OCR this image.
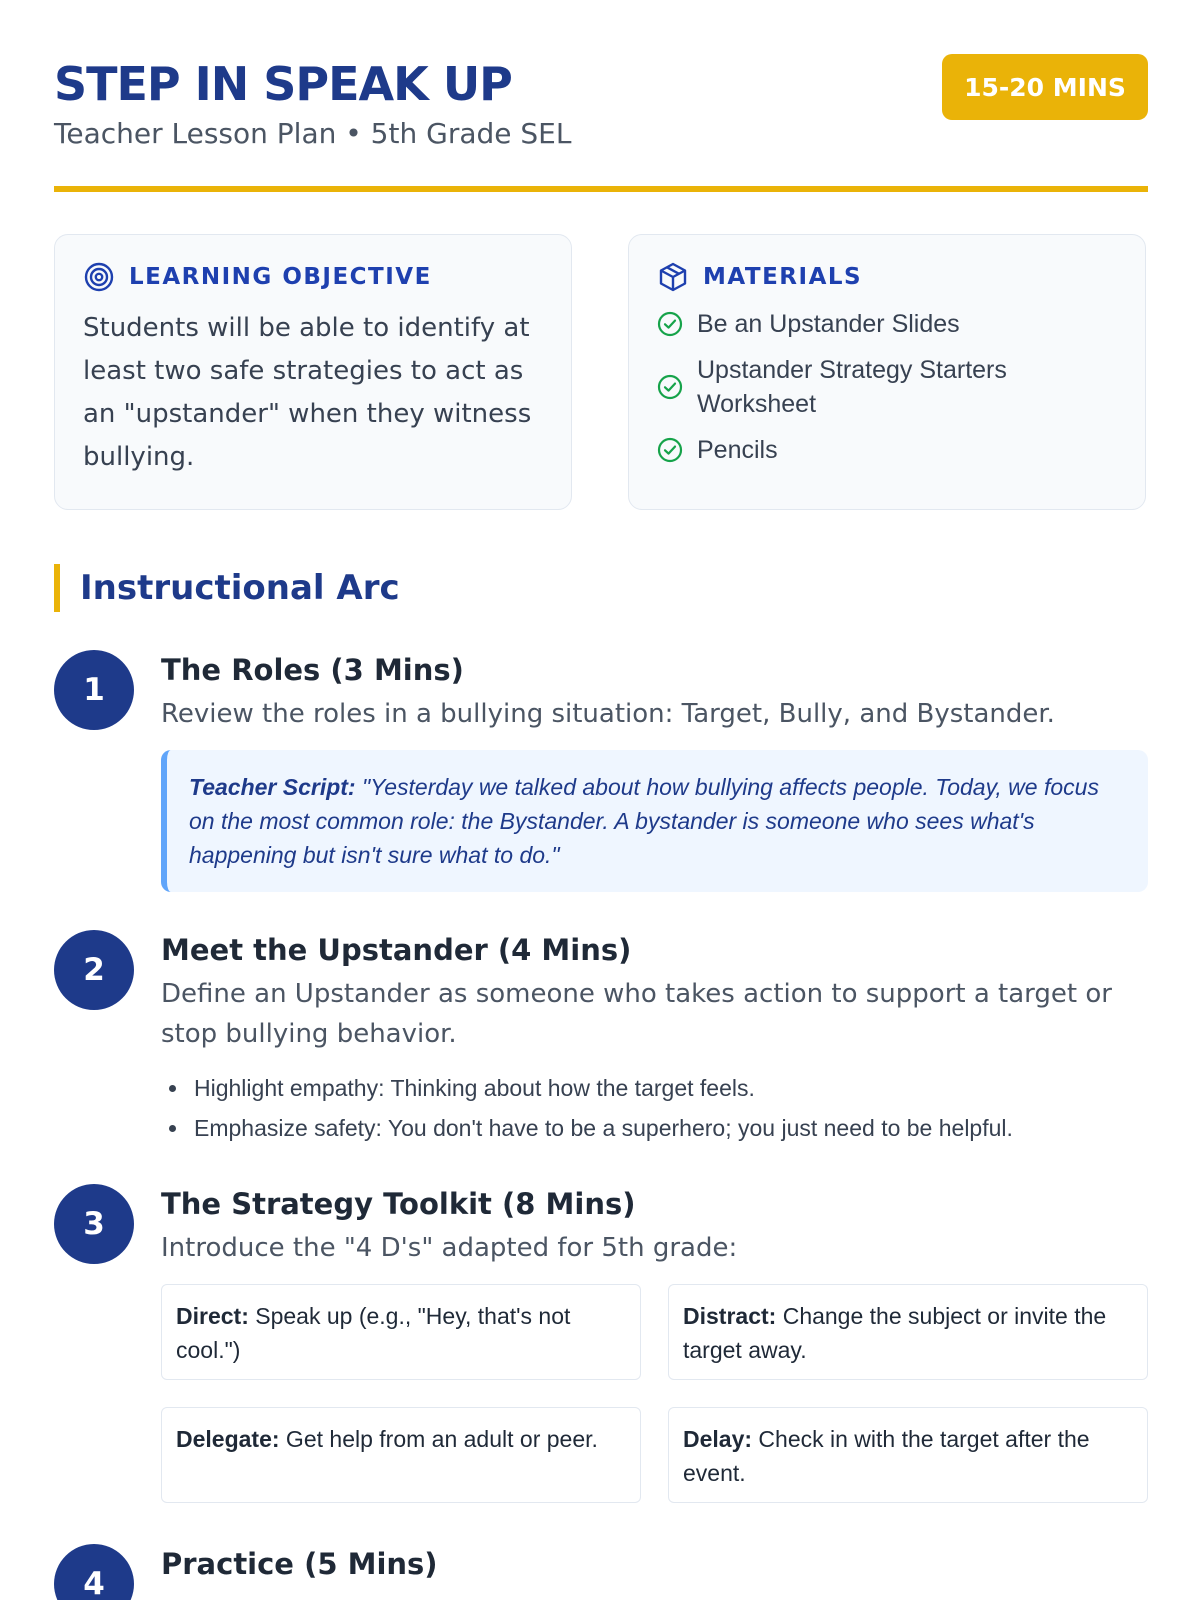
STEP IN SPEAK UP
Teacher Lesson Plan • 5th Grade SEL
15-20 MINS
LEARNING OBJECTIVE
Students will be able to identify at least two safe strategies to act as an "upstander" when they witness bullying.
MATERIALS
Be an Upstander Slides
Upstander Strategy Starters Worksheet
Pencils
Instructional Arc
1
The Roles (3 Mins)
Review the roles in a bullying situation: Target, Bully, and Bystander.
Teacher Script: "Yesterday we talked about how bullying affects people. Today, we focus on the most common role: the Bystander. A bystander is someone who sees what's happening but isn't sure what to do."
2
Meet the Upstander (4 Mins)
Define an Upstander as someone who takes action to support a target or stop bullying behavior.
Highlight empathy: Thinking about how the target feels.
Emphasize safety: You don't have to be a superhero; you just need to be helpful.
3
The Strategy Toolkit (8 Mins)
Introduce the "4 D's" adapted for 5th grade:
Direct: Speak up (e.g., "Hey, that's not cool.")
Distract: Change the subject or invite the target away.
Delegate: Get help from an adult or peer.	Delay: Check in with the target after the event.
4
Practice (5 Mins)
